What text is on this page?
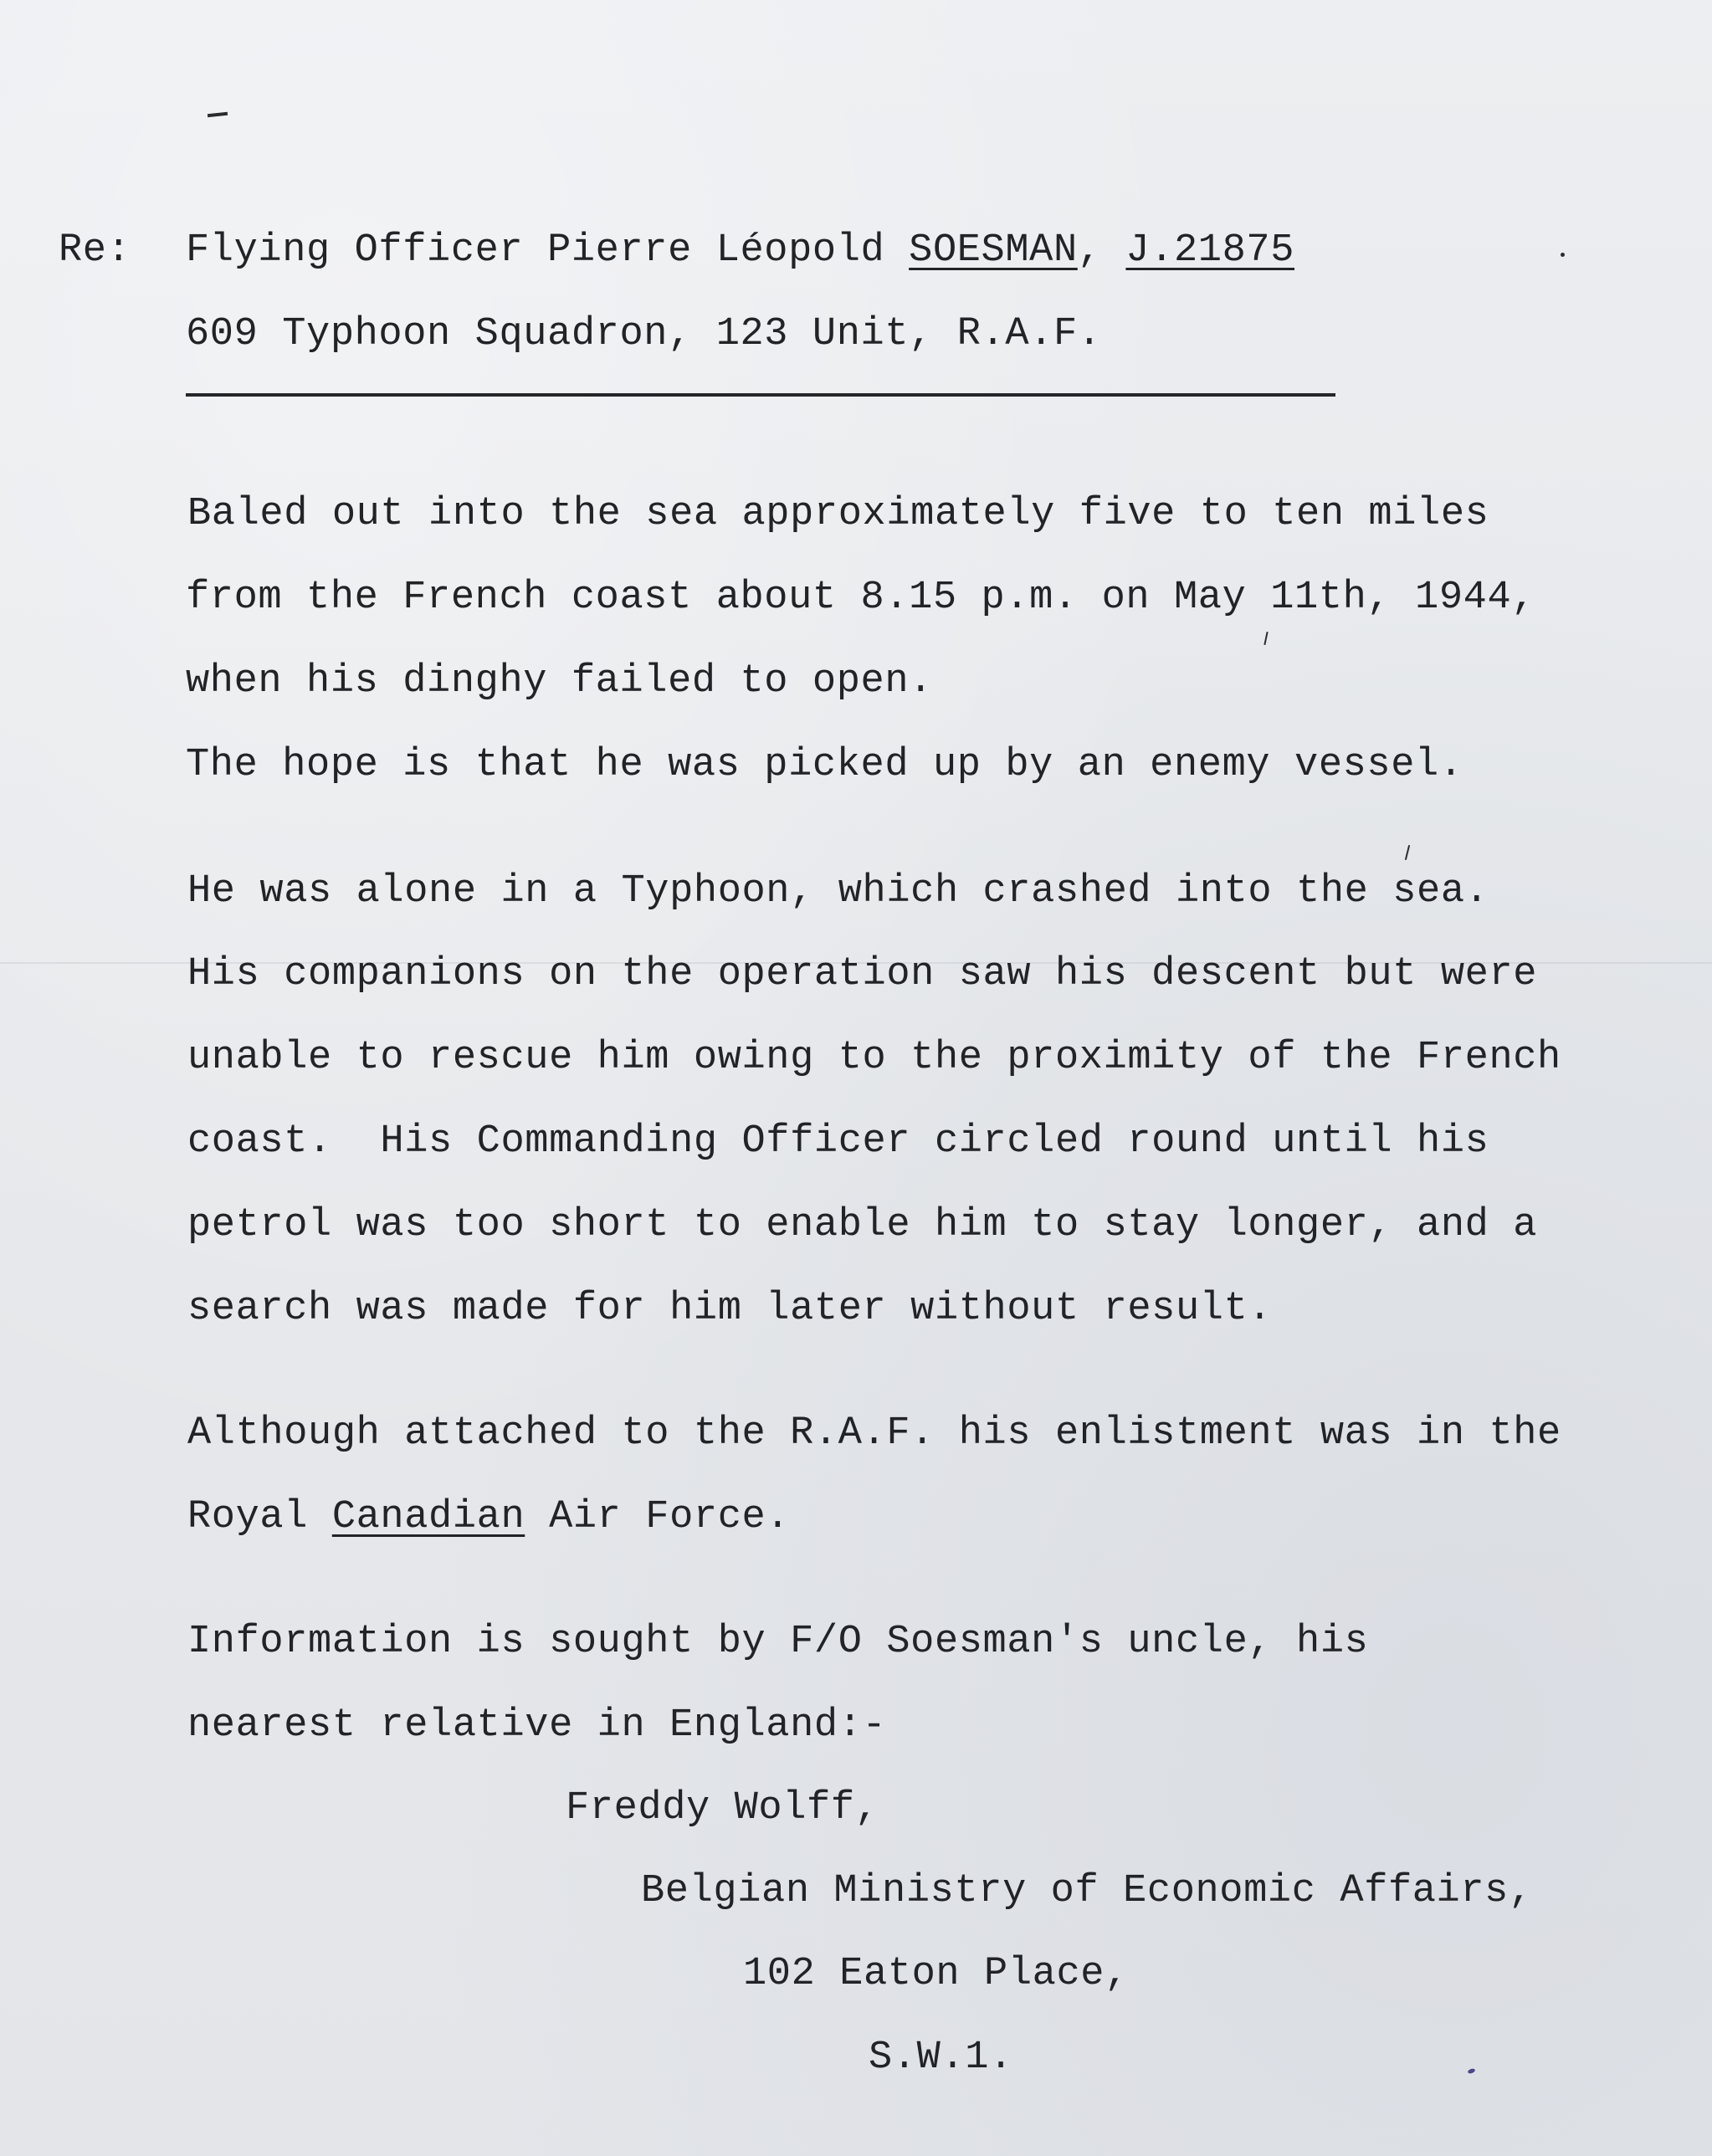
Re: Flying Officer Pierre Léopold SOESMAN, J.21875

609 Typhoon Squadron, 123 Unit, R.A.F.

Baled out into the sea approximately five to ten miles

from the French coast about 8.15 p.m. on May 11th, 1944,

when his dinghy failed to open.

The hope is that he was picked up by an enemy vessel.

He was alone in a Typhoon, which crashed into the sea.

His companions on the operation saw his descent but were

unable to rescue him owing to the proximity of the French

coast.  His Commanding Officer circled round until his

petrol was too short to enable him to stay longer, and a

search was made for him later without result.

Although attached to the R.A.F. his enlistment was in the

Royal Canadian Air Force.

Information is sought by F/O Soesman's uncle, his

nearest relative in England:-

Freddy Wolff,

Belgian Ministry of Economic Affairs,

102 Eaton Place,

S.W.1.
